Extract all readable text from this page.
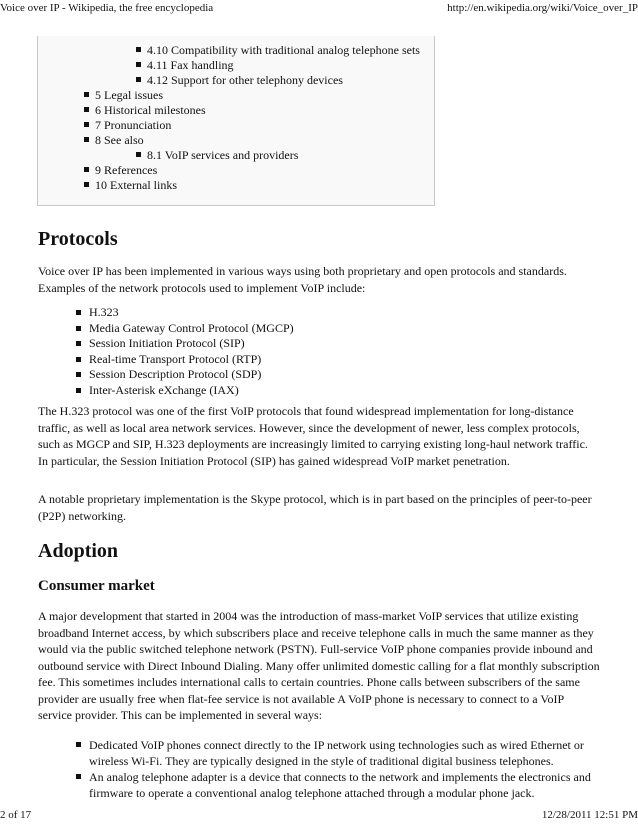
Voice over IP - Wikipedia, the free encyclopedia	http://en.wikipedia.org/wiki/Voice_over_IP
4.10 Compatibility with traditional analog telephone sets
4.11 Fax handling
4.12 Support for other telephony devices
5 Legal issues
6 Historical milestones
7 Pronunciation
8 See also
8.1 VoIP services and providers
9 References
10 External links
Protocols

Voice over IP has been implemented in various ways using both proprietary and open protocols and standards. Examples of the network protocols used to implement VoIP include:

H.323
Media Gateway Control Protocol (MGCP)
Session Initiation Protocol (SIP)
Real-time Transport Protocol (RTP)
Session Description Protocol (SDP)
Inter-Asterisk eXchange (IAX)

The H.323 protocol was one of the first VoIP protocols that found widespread implementation for long-distance traffic, as well as local area network services. However, since the development of newer, less complex protocols, such as MGCP and SIP, H.323 deployments are increasingly limited to carrying existing long-haul network traffic. In particular, the Session Initiation Protocol (SIP) has gained widespread VoIP market penetration.

A notable proprietary implementation is the Skype protocol, which is in part based on the principles of peer-to-peer (P2P) networking.

Adoption
Consumer market

A major development that started in 2004 was the introduction of mass-market VoIP services that utilize existing broadband Internet access, by which subscribers place and receive telephone calls in much the same manner as they would via the public switched telephone network (PSTN). Full-service VoIP phone companies provide inbound and outbound service with Direct Inbound Dialing. Many offer unlimited domestic calling for a flat monthly subscription fee. This sometimes includes international calls to certain countries. Phone calls between subscribers of the same provider are usually free when flat-fee service is not available A VoIP phone is necessary to connect to a VoIP service provider. This can be implemented in several ways:

Dedicated VoIP phones connect directly to the IP network using technologies such as wired Ethernet or wireless Wi-Fi. They are typically designed in the style of traditional digital business telephones.
An analog telephone adapter is a device that connects to the network and implements the electronics and firmware to operate a conventional analog telephone attached through a modular phone jack.
2 of 17	12/28/2011 12:51 PM
